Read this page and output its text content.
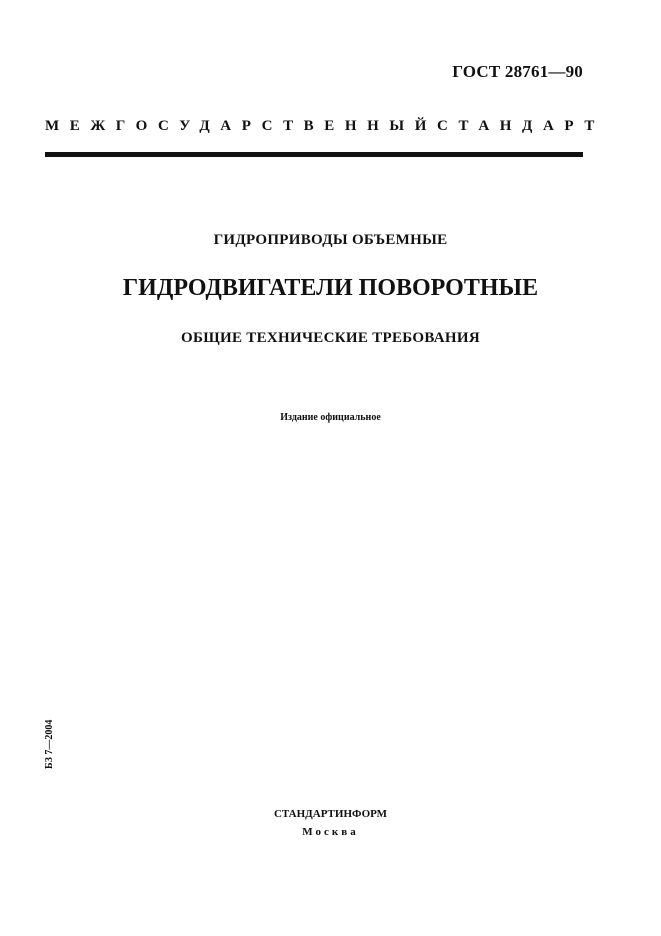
ГОСТ 28761—90
МЕЖГОСУДАРСТВЕННЫЙ СТАНДАРТ
ГИДРОПРИВОДЫ ОБЪЕМНЫЕ
ГИДРОДВИГАТЕЛИ ПОВОРОТНЫЕ
ОБЩИЕ ТЕХНИЧЕСКИЕ ТРЕБОВАНИЯ
Издание официальное
БЗ 7—2004
СТАНДАРТИНФОРМ
Москва
